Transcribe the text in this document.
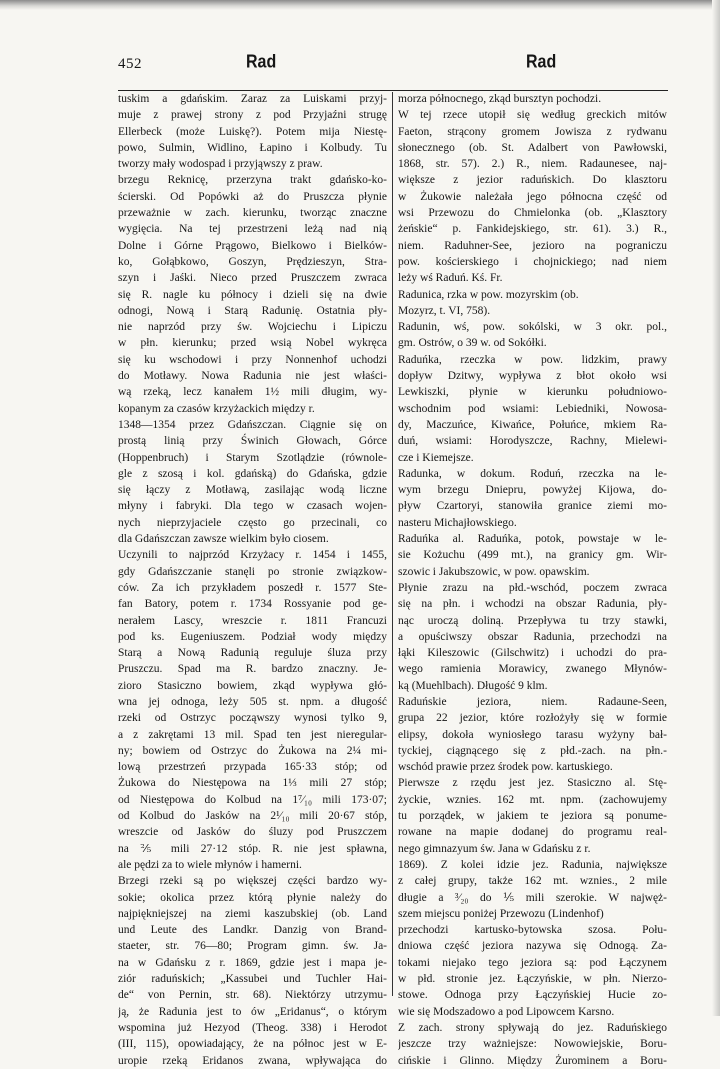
452	Rad	Rad
tuskim a gdańskim. Zaraz za Luiskami przyj-
muje z prawej strony z pod Przyjaźni strugę
Ellerbeck (może Luiskę?). Potem mija Niestę-
powo, Sulmin, Widlino, Łapino i Kolbudy. Tu
tworzy mały wodospad i przyjąwszy z praw.
brzegu Reknicę, przerzyna trakt gdańsko-ko-
ścierski. Od Popówki aż do Pruszcza płynie
przeważnie w zach. kierunku, tworząc znaczne
wygięcia. Na tej przestrzeni leżą nad nią
Dolne i Górne Prągowo, Bielkowo i Bielków-
ko, Gołąbkowo, Goszyn, Prędzieszyn, Stra-
szyn i Jaśki. Nieco przed Pruszczem zwraca
się R. nagle ku północy i dzieli się na dwie
odnogi, Nową i Starą Radunię. Ostatnia pły-
nie naprzód przy św. Wojciechu i Lipiczu
w płn. kierunku; przed wsią Nobel wykręca
się ku wschodowi i przy Nonnenhof uchodzi
do Motławy. Nowa Radunia nie jest właści-
wą rzeką, lecz kanałem 1½ mili długim, wy-
kopanym za czasów krzyżackich między r.
1348—1354 przez Gdańszczan. Ciągnie się on
prostą linią przy Świnich Głowach, Górce
(Hoppenbruch) i Starym Szotlądzie (równole-
gle z szosą i kol. gdańską) do Gdańska, gdzie
się łączy z Motławą, zasilając wodą liczne
młyny i fabryki. Dla tego w czasach wojen-
nych nieprzyjaciele często go przecinali, co
dla Gdańszczan zawsze wielkim było ciosem.
Uczynili to najprzód Krzyżacy r. 1454 i 1455,
gdy Gdańszczanie stanęli po stronie związkow-
ców. Za ich przykładem poszedł r. 1577 Ste-
fan Batory, potem r. 1734 Rossyanie pod ge-
nerałem Lascy, wreszcie r. 1811 Francuzi
pod ks. Eugeniuszem. Podział wody między
Starą a Nową Radunią reguluje śluza przy
Pruszczu. Spad ma R. bardzo znaczny. Je-
zioro Stasiczno bowiem, zkąd wypływa głó-
wna jej odnoga, leży 505 st. npm. a długość
rzeki od Ostrzyc począwszy wynosi tylko 9,
a z zakrętami 13 mil. Spad ten jest nieregular-
ny; bowiem od Ostrzyc do Żukowa na 2¼ mi-
lową przestrzeń przypada 165·33 stóp; od
Żukowa do Niestępowa na 1⅓ mili 27 stóp;
od Niestępowa do Kolbud na 1⁷⁄₁₀ mili 173·07;
od Kolbud do Jasków na 2¹⁄₁₀ mili 20·67 stóp,
wreszcie od Jasków do śluzy pod Pruszczem
na ⅖ mili 27·12 stóp. R. nie jest spławna,
ale pędzi za to wiele młynów i hamerni.
Brzegi rzeki są po większej części bardzo wy-
sokie; okolica przez którą płynie należy do
najpiękniejszej na ziemi kaszubskiej (ob. Land
und Leute des Landkr. Danzig von Brand-
staeter, str. 76—80; Program gimn. św. Ja-
na w Gdańsku z r. 1869, gdzie jest i mapa je-
ziór raduńskich; „Kassubei und Tuchler Hai-
de“ von Pernin, str. 68). Niektórzy utrzymu-
ją, że Radunia jest to ów „Eridanus“, o którym
wspomina już Hezyod (Theog. 338) i Herodot
(III, 115), opowiadający, że na północ jest w E-
uropie rzeką Eridanos zwana, wpływająca do
morza północnego, zkąd bursztyn pochodzi.
W tej rzece utopił się według greckich mitów
Faeton, strącony gromem Jowisza z rydwanu
słonecznego (ob. St. Adalbert von Pawłowski,
1868, str. 57). 2.) R., niem. Radaunesee, naj-
większe z jezior raduńskich. Do klasztoru
w Żukowie należała jego północna część od
wsi Przewozu do Chmielonka (ob. „Klasztory
żeńskie“ p. Fankidejskiego, str. 61). 3.) R.,
niem. Raduhner-See, jezioro na pograniczu
pow. kościerskiego i chojnickiego; nad niem
leży wś Raduń. Kś. Fr.
Radunica, rzka w pow. mozyrskim (ob.
Mozyrz, t. VI, 758).
Radunin, wś, pow. sokólski, w 3 okr. pol.,
gm. Ostrów, o 39 w. od Sokółki.
Raduńka, rzeczka w pow. lidzkim, prawy
dopływ Dzitwy, wypływa z błot około wsi
Lewkiszki, płynie w kierunku południowo-
wschodnim pod wsiami: Lebiedniki, Nowosa-
dy, Maczuńce, Kiwańce, Połuńce, mkiem Ra-
duń, wsiami: Horodyszcze, Rachny, Mielewi-
cze i Kiemejsze.
Radunka, w dokum. Roduń, rzeczka na le-
wym brzegu Dniepru, powyżej Kijowa, do-
pływ Czartoryi, stanowiła granice ziemi mo-
nasteru Michajłowskiego.
Raduńka al. Raduńka, potok, powstaje w le-
sie Kożuchu (499 mt.), na granicy gm. Wir-
szowic i Jakubszowic, w pow. opawskim.
Płynie zrazu na płd.-wschód, poczem zwraca
się na płn. i wchodzi na obszar Radunia, pły-
nąc uroczą doliną. Przepływa tu trzy stawki,
a opuściwszy obszar Radunia, przechodzi na
łąki Kileszowic (Gilschwitz) i uchodzi do pra-
wego ramienia Morawicy, zwanego Młynów-
ką (Muehlbach). Długość 9 klm.
Raduńskie jeziora, niem. Radaune-Seen,
grupa 22 jezior, które rozłożyły się w formie
elipsy, dokoła wyniosłego tarasu wyżyny bał-
tyckiej, ciągnącego się z płd.-zach. na płn.-
wschód prawie przez środek pow. kartuskiego.
Pierwsze z rzędu jest jez. Stasiczno al. Stę-
życkie, wznies. 162 mt. npm. (zachowujemy
tu porządek, w jakiem te jeziora są ponume-
rowane na mapie dodanej do programu real-
nego gimnazyum św. Jana w Gdańsku z r.
1869). Z kolei idzie jez. Radunia, największe
z całej grupy, także 162 mt. wznies., 2 mile
długie a ³⁄₂₀ do ⅕ mili szerokie. W najwęż-
szem miejscu poniżej Przewozu (Lindenhof)
przechodzi kartusko-bytowska szosa. Połu-
dniowa część jeziora nazywa się Odnogą. Za-
tokami niejako tego jeziora są: pod Łączynem
w płd. stronie jez. Łączyńskie, w płn. Nierzo-
stowe. Odnoga przy Łączyńskiej Hucie zo-
wie się Modszadowo a pod Lipowcem Karsno.
Z zach. strony spływają do jez. Raduńskiego
jeszcze trzy ważniejsze: Nowowiejskie, Boru-
cińskie i Glinno. Między Żurominem a Boru-
